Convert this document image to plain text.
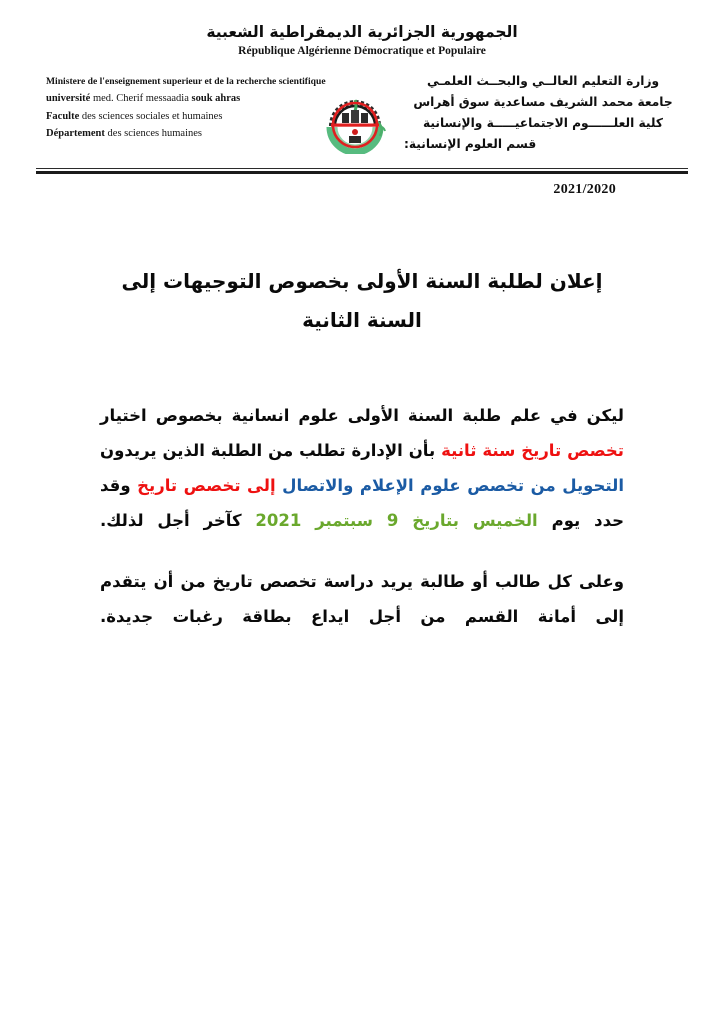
الجمهورية الجزائرية الديمقراطية الشعبية
République Algérienne Démocratique et Populaire
Ministere de l'enseignement superieur et de la recherche scientifique
université med. Cherif messaadia souk ahras
Faculte des sciences sociales et humaines
Département des sciences humaines
وزارة التعليم العالــي والبحــث العلمـي
جامعة محمد الشريف مساعدية سوق أهراس
كلية العلــــــوم الاجتماعيـــــة والإنسانية
قسم العلوم الإنسانية:
2021/2020
إعلان لطلبة السنة الأولى بخصوص التوجيهات إلى السنة الثانية

ليكن في علم طلبة السنة الأولى علوم انسانية بخصوص اختيار تخصص تاريخ سنة ثانية بأن الإدارة تطلب من الطلبة الذين يريدون التحويل من تخصص علوم الإعلام والاتصال إلى تخصص تاريخ وقد حدد يوم الخميس بتاريخ 9 سبتمبر 2021 كآخر أجل لذلك.

وعلى كل طالب أو طالبة يريد دراسة تخصص تاريخ من أن يتقدم إلى أمانة القسم من أجل ايداع بطاقة رغبات جديدة.
